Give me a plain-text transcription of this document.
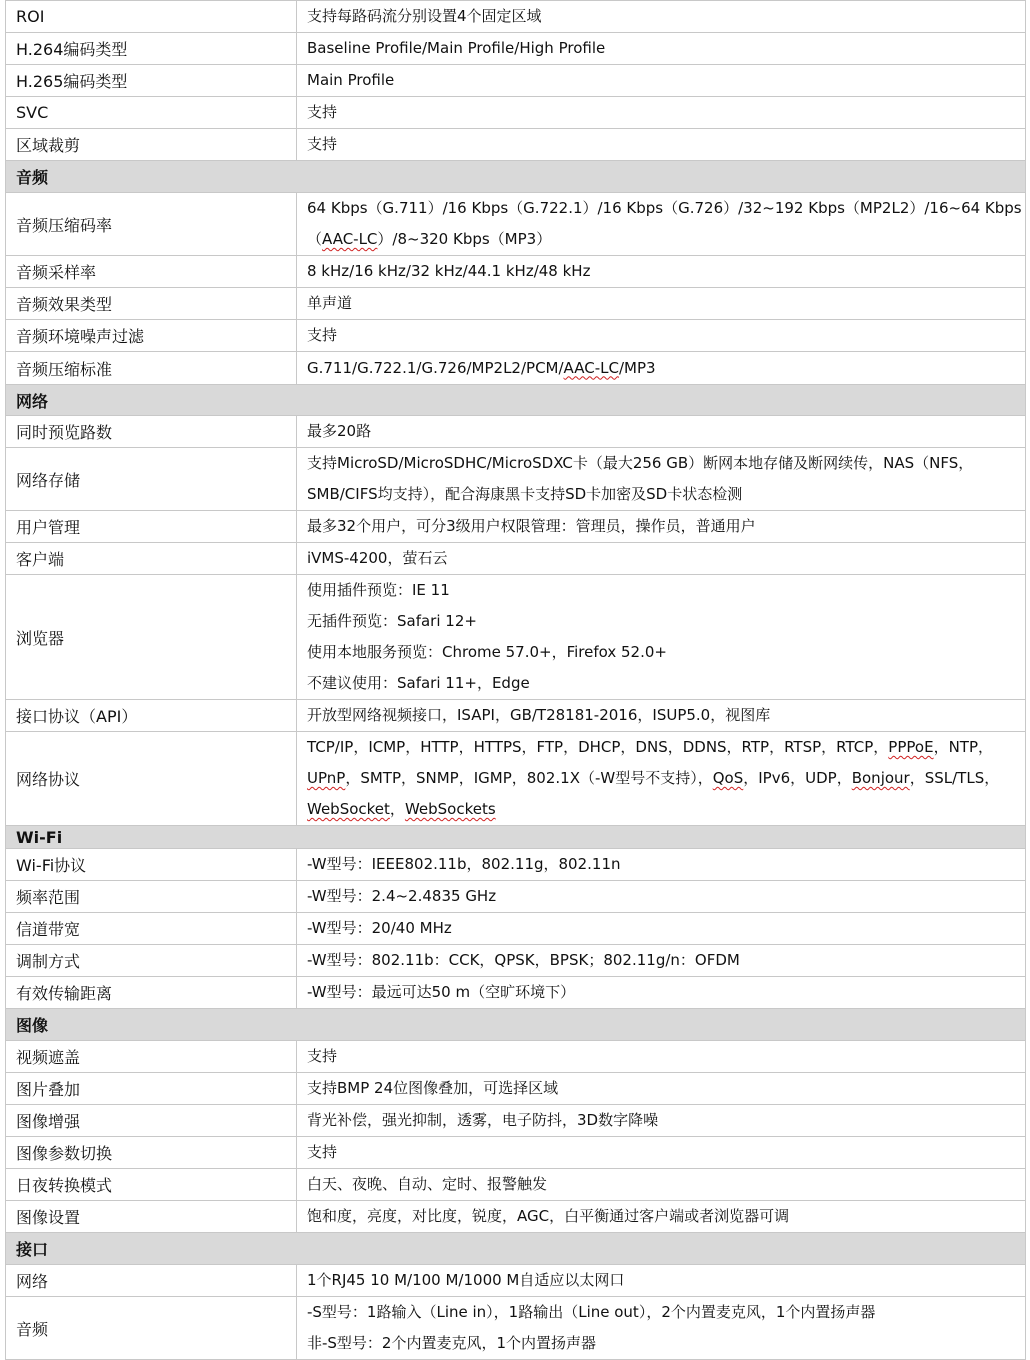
ROI	支持每路码流分别设置4个固定区域

H.264编码类型	Baseline Profile/Main Profile/High Profile

H.265编码类型	Main Profile

SVC	支持

区域裁剪	支持

音频	
音频压缩码率	64 Kbps（G.711）/16 Kbps（G.722.1）/16 Kbps（G.726）/32~192 Kbps（MP2L2）/16~64 Kbps

（AAC-LC）/8~320 Kbps（MP3）

音频采样率	8 kHz/16 kHz/32 kHz/44.1 kHz/48 kHz

音频效果类型	单声道

音频环境噪声过滤	支持

音频压缩标准	G.711/G.722.1/G.726/MP2L2/PCM/AAC-LC/MP3

网络	
同时预览路数	最多20路

网络存储	支持MicroSD/MicroSDHC/MicroSDXC卡（最大256 GB）断网本地存储及断网续传，NAS（NFS，

SMB/CIFS均支持），配合海康黑卡支持SD卡加密及SD卡状态检测

用户管理	最多32个用户，可分3级用户权限管理：管理员，操作员，普通用户

客户端	iVMS-4200，萤石云

浏览器	使用插件预览：IE 11

无插件预览：Safari 12+

使用本地服务预览：Chrome 57.0+，Firefox 52.0+

不建议使用：Safari 11+，Edge

接口协议（API）	开放型网络视频接口，ISAPI，GB/T28181-2016，ISUP5.0，视图库

网络协议	TCP/IP，ICMP，HTTP，HTTPS，FTP，DHCP，DNS，DDNS，RTP，RTSP，RTCP，PPPoE，NTP，

UPnP，SMTP，SNMP，IGMP，802.1X（-W型号不支持），QoS，IPv6，UDP，Bonjour，SSL/TLS，

WebSocket，WebSockets

Wi-Fi	
Wi-Fi协议	-W型号：IEEE802.11b，802.11g，802.11n

频率范围	-W型号：2.4~2.4835 GHz

信道带宽	-W型号：20/40 MHz

调制方式	-W型号：802.11b：CCK，QPSK，BPSK；802.11g/n：OFDM

有效传输距离	-W型号：最远可达50 m（空旷环境下）

图像	
视频遮盖	支持

图片叠加	支持BMP 24位图像叠加，可选择区域

图像增强	背光补偿，强光抑制，透雾，电子防抖，3D数字降噪

图像参数切换	支持

日夜转换模式	白天、夜晚、自动、定时、报警触发

图像设置	饱和度，亮度，对比度，锐度，AGC，白平衡通过客户端或者浏览器可调

接口	
网络	1个RJ45 10 M/100 M/1000 M自适应以太网口

音频	-S型号：1路输入（Line in），1路输出（Line out），2个内置麦克风，1个内置扬声器

非-S型号：2个内置麦克风，1个内置扬声器
